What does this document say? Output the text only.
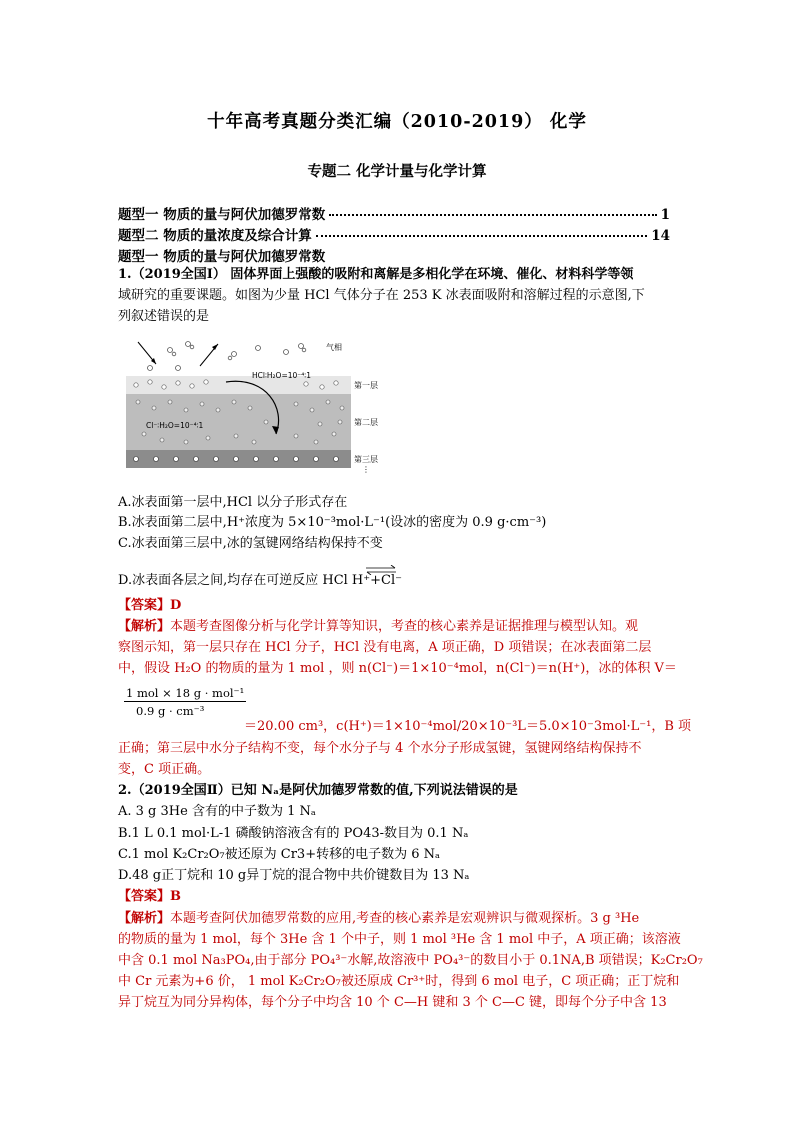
十年高考真题分类汇编（2010-2019） 化学
专题二 化学计量与化学计算
题型一 物质的量与阿伏加德罗常数	1
题型二 物质的量浓度及综合计算	14
题型一 物质的量与阿伏加德罗常数
1.（2019全国Ⅰ） 固体界面上强酸的吸附和离解是多相化学在环境、催化、材料科学等领
域研究的重要课题。如图为少量 HCl 气体分子在 253 K 冰表面吸附和溶解过程的示意图,下
列叙述错误的是
气相
第一层
第二层
第三层
⋮
HCl∶H₂O=10⁻⁴∶1
Cl⁻∶H₂O=10⁻⁴∶1
A.冰表面第一层中,HCl 以分子形式存在
B.冰表面第二层中,H⁺浓度为 5×10⁻³mol·L⁻¹(设冰的密度为 0.9 g·cm⁻³)
C.冰表面第三层中,冰的氢键网络结构保持不变
D.冰表面各层之间,均存在可逆反应 HCl H⁺+Cl⁻
【答案】D
【解析】本题考查图像分析与化学计算等知识，考查的核心素养是证据推理与模型认知。观
察图示知，第一层只存在 HCl 分子，HCl 没有电离，A 项正确，D 项错误；在冰表面第二层
中，假设 H₂O 的物质的量为 1 mol ，则 n(Cl⁻)＝1×10⁻⁴mol，n(Cl⁻)＝n(H⁺)，冰的体积 V＝
1 mol × 18 g · mol⁻¹
0.9 g · cm⁻³
＝20.00 cm³，c(H⁺)＝1×10⁻⁴mol/20×10⁻³L＝5.0×10⁻3mol·L⁻¹，B 项
正确；第三层中水分子结构不变，每个水分子与 4 个水分子形成氢键，氢键网络结构保持不
变，C 项正确。
2.（2019全国Ⅱ）已知 Nₐ是阿伏加德罗常数的值,下列说法错误的是
A. 3 g 3He 含有的中子数为 1 Nₐ
B.1 L 0.1 mol·L-1 磷酸钠溶液含有的 PO43-数目为 0.1 Nₐ
C.1 mol K₂Cr₂O₇被还原为 Cr3+转移的电子数为 6 Nₐ
D.48 g正丁烷和 10 g异丁烷的混合物中共价键数目为 13 Nₐ
【答案】B
【解析】本题考查阿伏加德罗常数的应用,考查的核心素养是宏观辨识与微观探析。3 g ³He
的物质的量为 1 mol，每个 3He 含 1 个中子，则 1 mol ³He 含 1 mol 中子，A 项正确；该溶液
中含 0.1 mol Na₃PO₄,由于部分 PO₄³⁻水解,故溶液中 PO₄³⁻的数目小于 0.1NA,B 项错误；K₂Cr₂O₇
中 Cr 元素为+6 价， 1 mol K₂Cr₂O₇被还原成 Cr³⁺时，得到 6 mol 电子，C 项正确；正丁烷和
异丁烷互为同分异构体，每个分子中均含 10 个 C—H 键和 3 个 C—C 键，即每个分子中含 13
